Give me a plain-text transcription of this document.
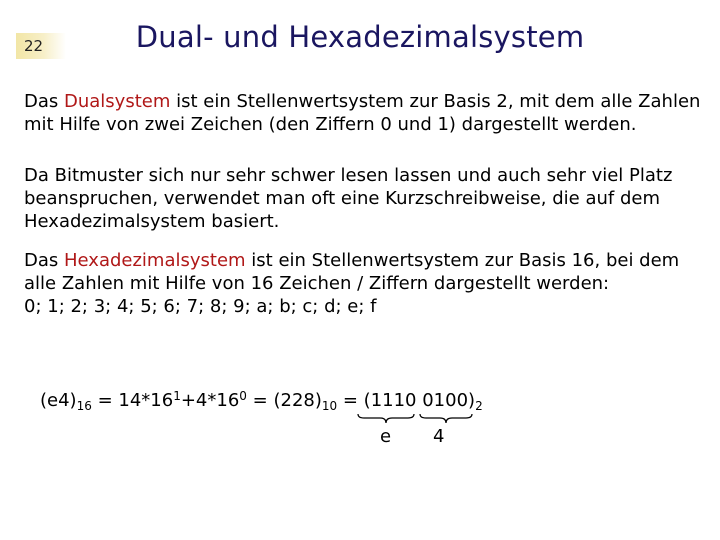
22	Dual- und Hexadezimalsystem
Das Dualsystem ist ein Stellenwertsystem zur Basis 2, mit dem alle Zahlen
mit Hilfe von zwei Zeichen (den Ziffern 0 und 1) dargestellt werden.
Da Bitmuster sich nur sehr schwer lesen lassen und auch sehr viel Platz
beanspruchen, verwendet man oft eine Kurzschreibweise, die auf dem
Hexadezimalsystem basiert.
Das Hexadezimalsystem ist ein Stellenwertsystem zur Basis 16, bei dem
alle Zahlen mit Hilfe von 16 Zeichen / Ziffern dargestellt werden:
0; 1; 2; 3; 4; 5; 6; 7; 8; 9; a; b; c; d; e; f
$(e4)_{16} = 14*16^1+4*16^0 = (228)_{10} = (1110$ $0100)_2$
e 4
